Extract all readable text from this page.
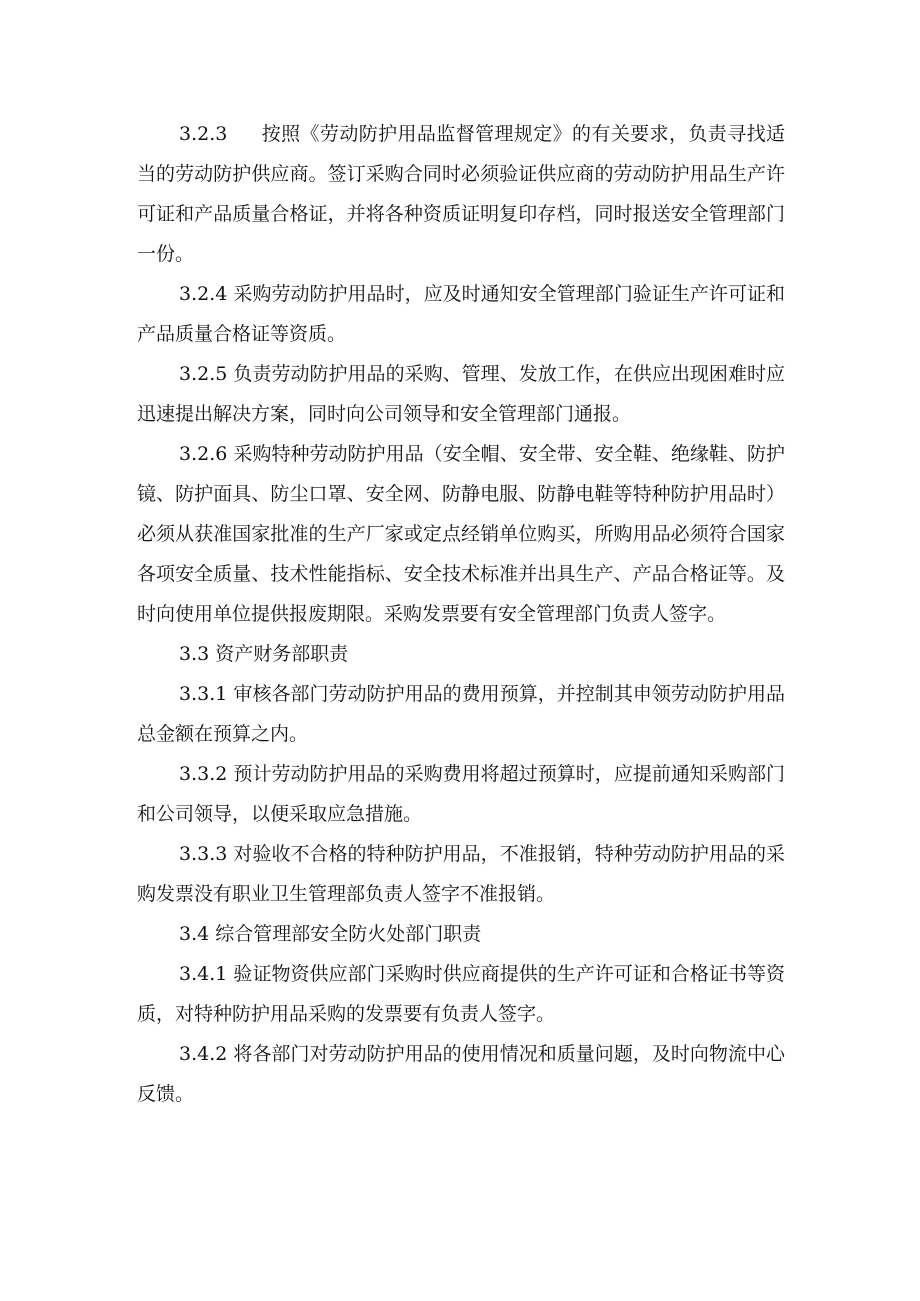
3.2.3 按照《劳动防护用品监督管理规定》的有关要求，负责寻找适当的劳动防护供应商。签订采购合同时必须验证供应商的劳动防护用品生产许可证和产品质量合格证，并将各种资质证明复印存档，同时报送安全管理部门一份。

3.2.4 采购劳动防护用品时，应及时通知安全管理部门验证生产许可证和产品质量合格证等资质。

3.2.5 负责劳动防护用品的采购、管理、发放工作，在供应出现困难时应迅速提出解决方案，同时向公司领导和安全管理部门通报。

3.2.6 采购特种劳动防护用品（安全帽、安全带、安全鞋、绝缘鞋、防护镜、防护面具、防尘口罩、安全网、防静电服、防静电鞋等特种防护用品时）必须从获准国家批准的生产厂家或定点经销单位购买，所购用品必须符合国家各项安全质量、技术性能指标、安全技术标准并出具生产、产品合格证等。及时向使用单位提供报废期限。采购发票要有安全管理部门负责人签字。

3.3 资产财务部职责

3.3.1 审核各部门劳动防护用品的费用预算，并控制其申领劳动防护用品总金额在预算之内。

3.3.2 预计劳动防护用品的采购费用将超过预算时，应提前通知采购部门和公司领导，以便采取应急措施。

3.3.3 对验收不合格的特种防护用品，不准报销，特种劳动防护用品的采购发票没有职业卫生管理部负责人签字不准报销。

3.4 综合管理部安全防火处部门职责

3.4.1 验证物资供应部门采购时供应商提供的生产许可证和合格证书等资质，对特种防护用品采购的发票要有负责人签字。

3.4.2 将各部门对劳动防护用品的使用情况和质量问题，及时向物流中心反馈。
